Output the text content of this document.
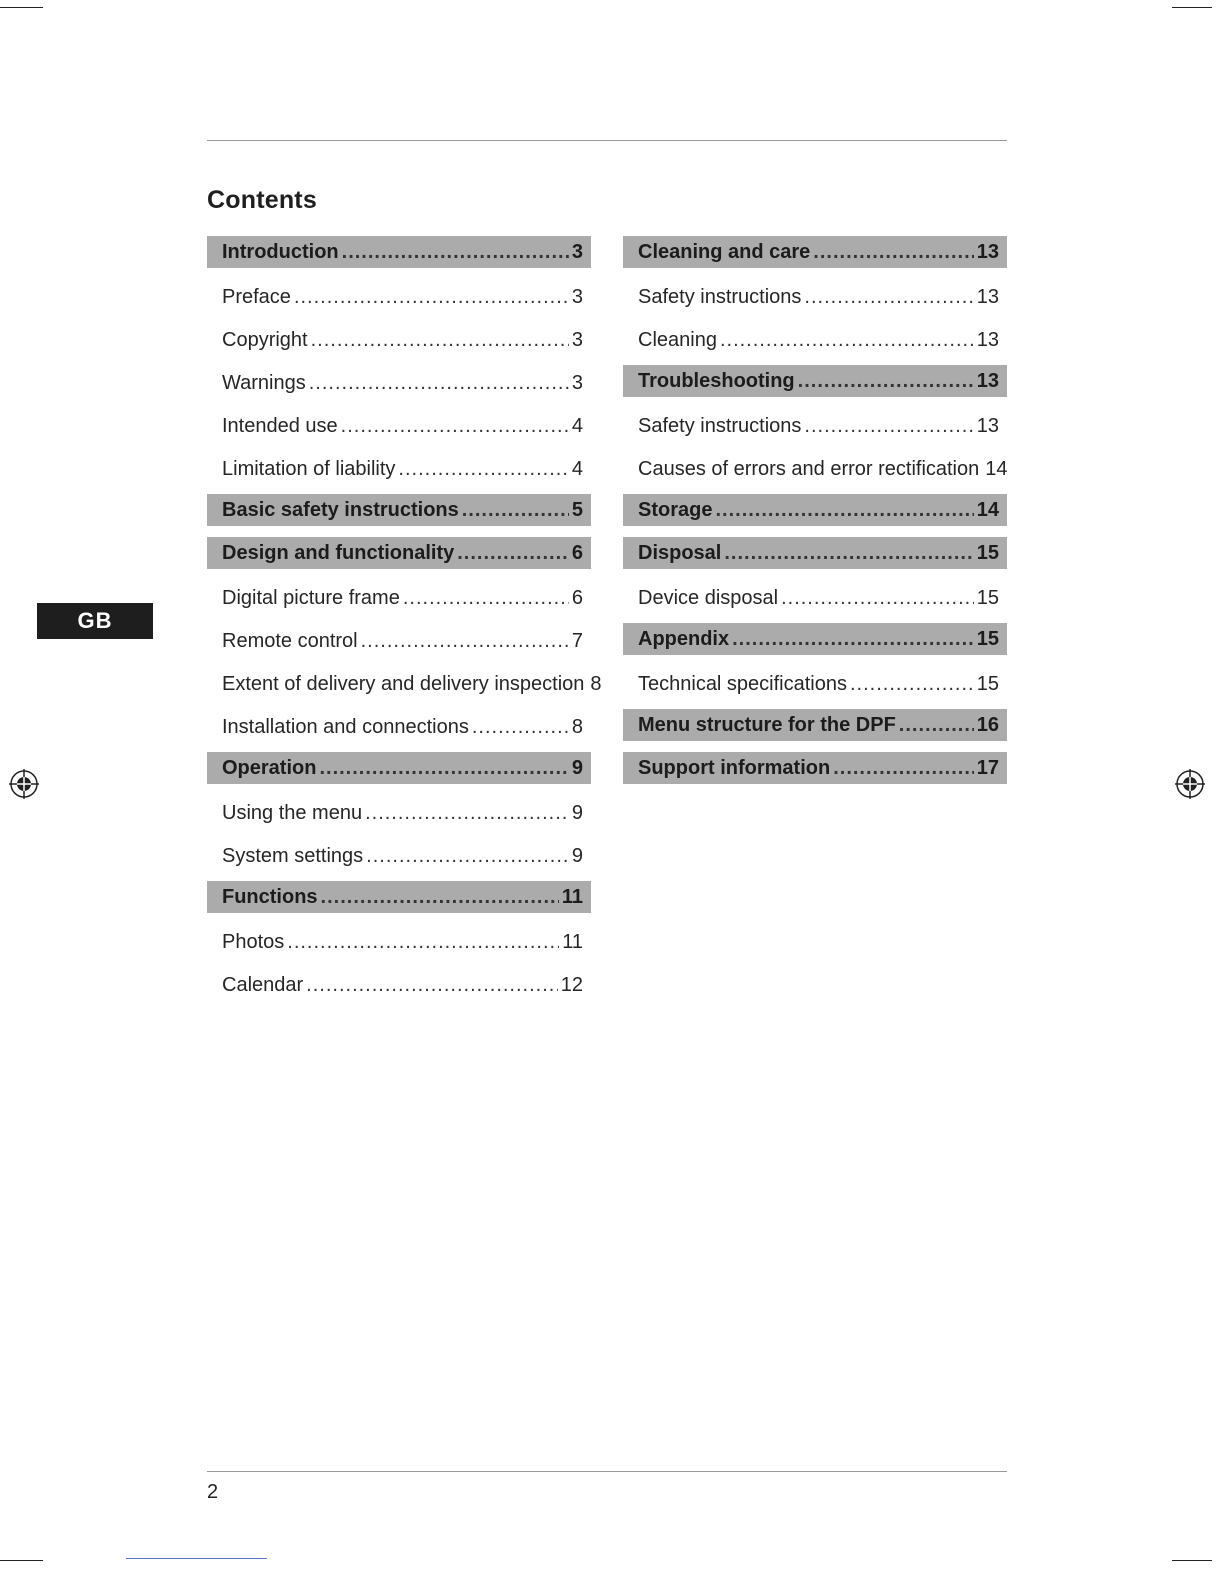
Contents
Introduction .....	3
Preface .....	3
Copyright .....	3
Warnings .....	3
Intended use .....	4
Limitation of liability .....	4
Basic safety instructions .....	5
Design and functionality .....	6
Digital picture frame .....	6
Remote control .....	7
Extent of delivery and delivery inspection 8
Installation and connections .....	8
Operation .....	9
Using the menu .....	9
System settings .....	9
Functions .....	11
Photos .....	11
Calendar .....	12
Cleaning and care .....	13
Safety instructions .....	13
Cleaning .....	13
Troubleshooting .....	13
Safety instructions .....	13
Causes of errors and error rectification 14
Storage .....	14
Disposal .....	15
Device disposal .....	15
Appendix .....	15
Technical specifications .....	15
Menu structure for the DPF .....	16
Support information .....	17
GB
2
